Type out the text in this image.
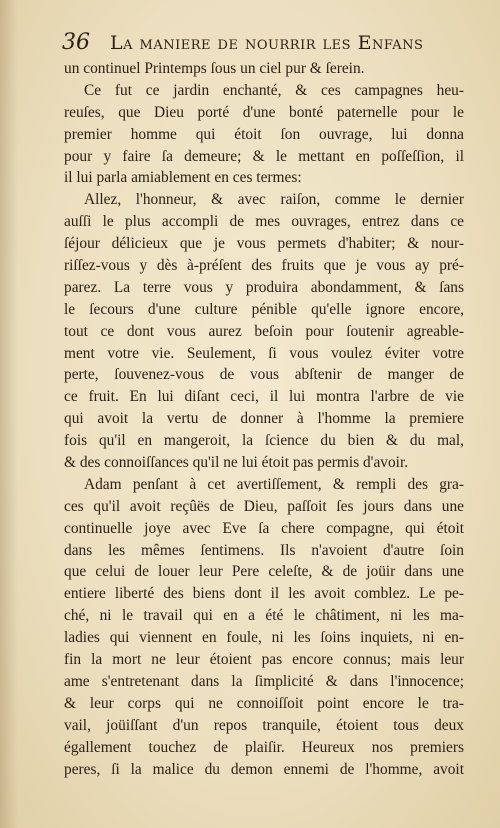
36 La maniere de nourrir les Enfans
un continuel Printemps ſous un ciel pur & ſerein.
Ce fut ce jardin enchanté, & ces campagnes heu-
reuſes, que Dieu porté d'une bonté paternelle pour le
premier homme qui étoit ſon ouvrage, lui donna
pour y faire ſa demeure; & le mettant en poſſeſſion, il
il lui parla amiablement en ces termes:
Allez, l'honneur, & avec raiſon, comme le dernier
auſſi le plus accompli de mes ouvrages, entrez dans ce
ſéjour délicieux que je vous permets d'habiter; & nour-
riſſez-vous y dès à-préſent des fruits que je vous ay pré-
parez. La terre vous y produira abondamment, & ſans
le ſecours d'une culture pénible qu'elle ignore encore,
tout ce dont vous aurez beſoin pour ſoutenir agreable-
ment votre vie. Seulement, ſi vous voulez éviter votre
perte, ſouvenez-vous de vous abſtenir de manger de
ce fruit. En lui diſant ceci, il lui montra l'arbre de vie
qui avoit la vertu de donner à l'homme la premiere
fois qu'il en mangeroit, la ſcience du bien & du mal,
& des connoiſſances qu'il ne lui étoit pas permis d'avoir.
Adam penſant à cet avertiſſement, & rempli des gra-
ces qu'il avoit reçûës de Dieu, paſſoit ſes jours dans une
continuelle joye avec Eve ſa chere compagne, qui étoit
dans les mêmes ſentimens. Ils n'avoient d'autre ſoin
que celui de louer leur Pere celeſte, & de joüir dans une
entiere liberté des biens dont il les avoit comblez. Le pe-
ché, ni le travail qui en a été le châtiment, ni les ma-
ladies qui viennent en foule, ni les ſoins inquiets, ni en-
fin la mort ne leur étoient pas encore connus; mais leur
ame s'entretenant dans la ſimplicité & dans l'innocence;
& leur corps qui ne connoiſſoit point encore le tra-
vail, joüiſſant d'un repos tranquile, étoient tous deux
égallement touchez de plaiſir. Heureux nos premiers
peres, ſi la malice du demon ennemi de l'homme, avoit
